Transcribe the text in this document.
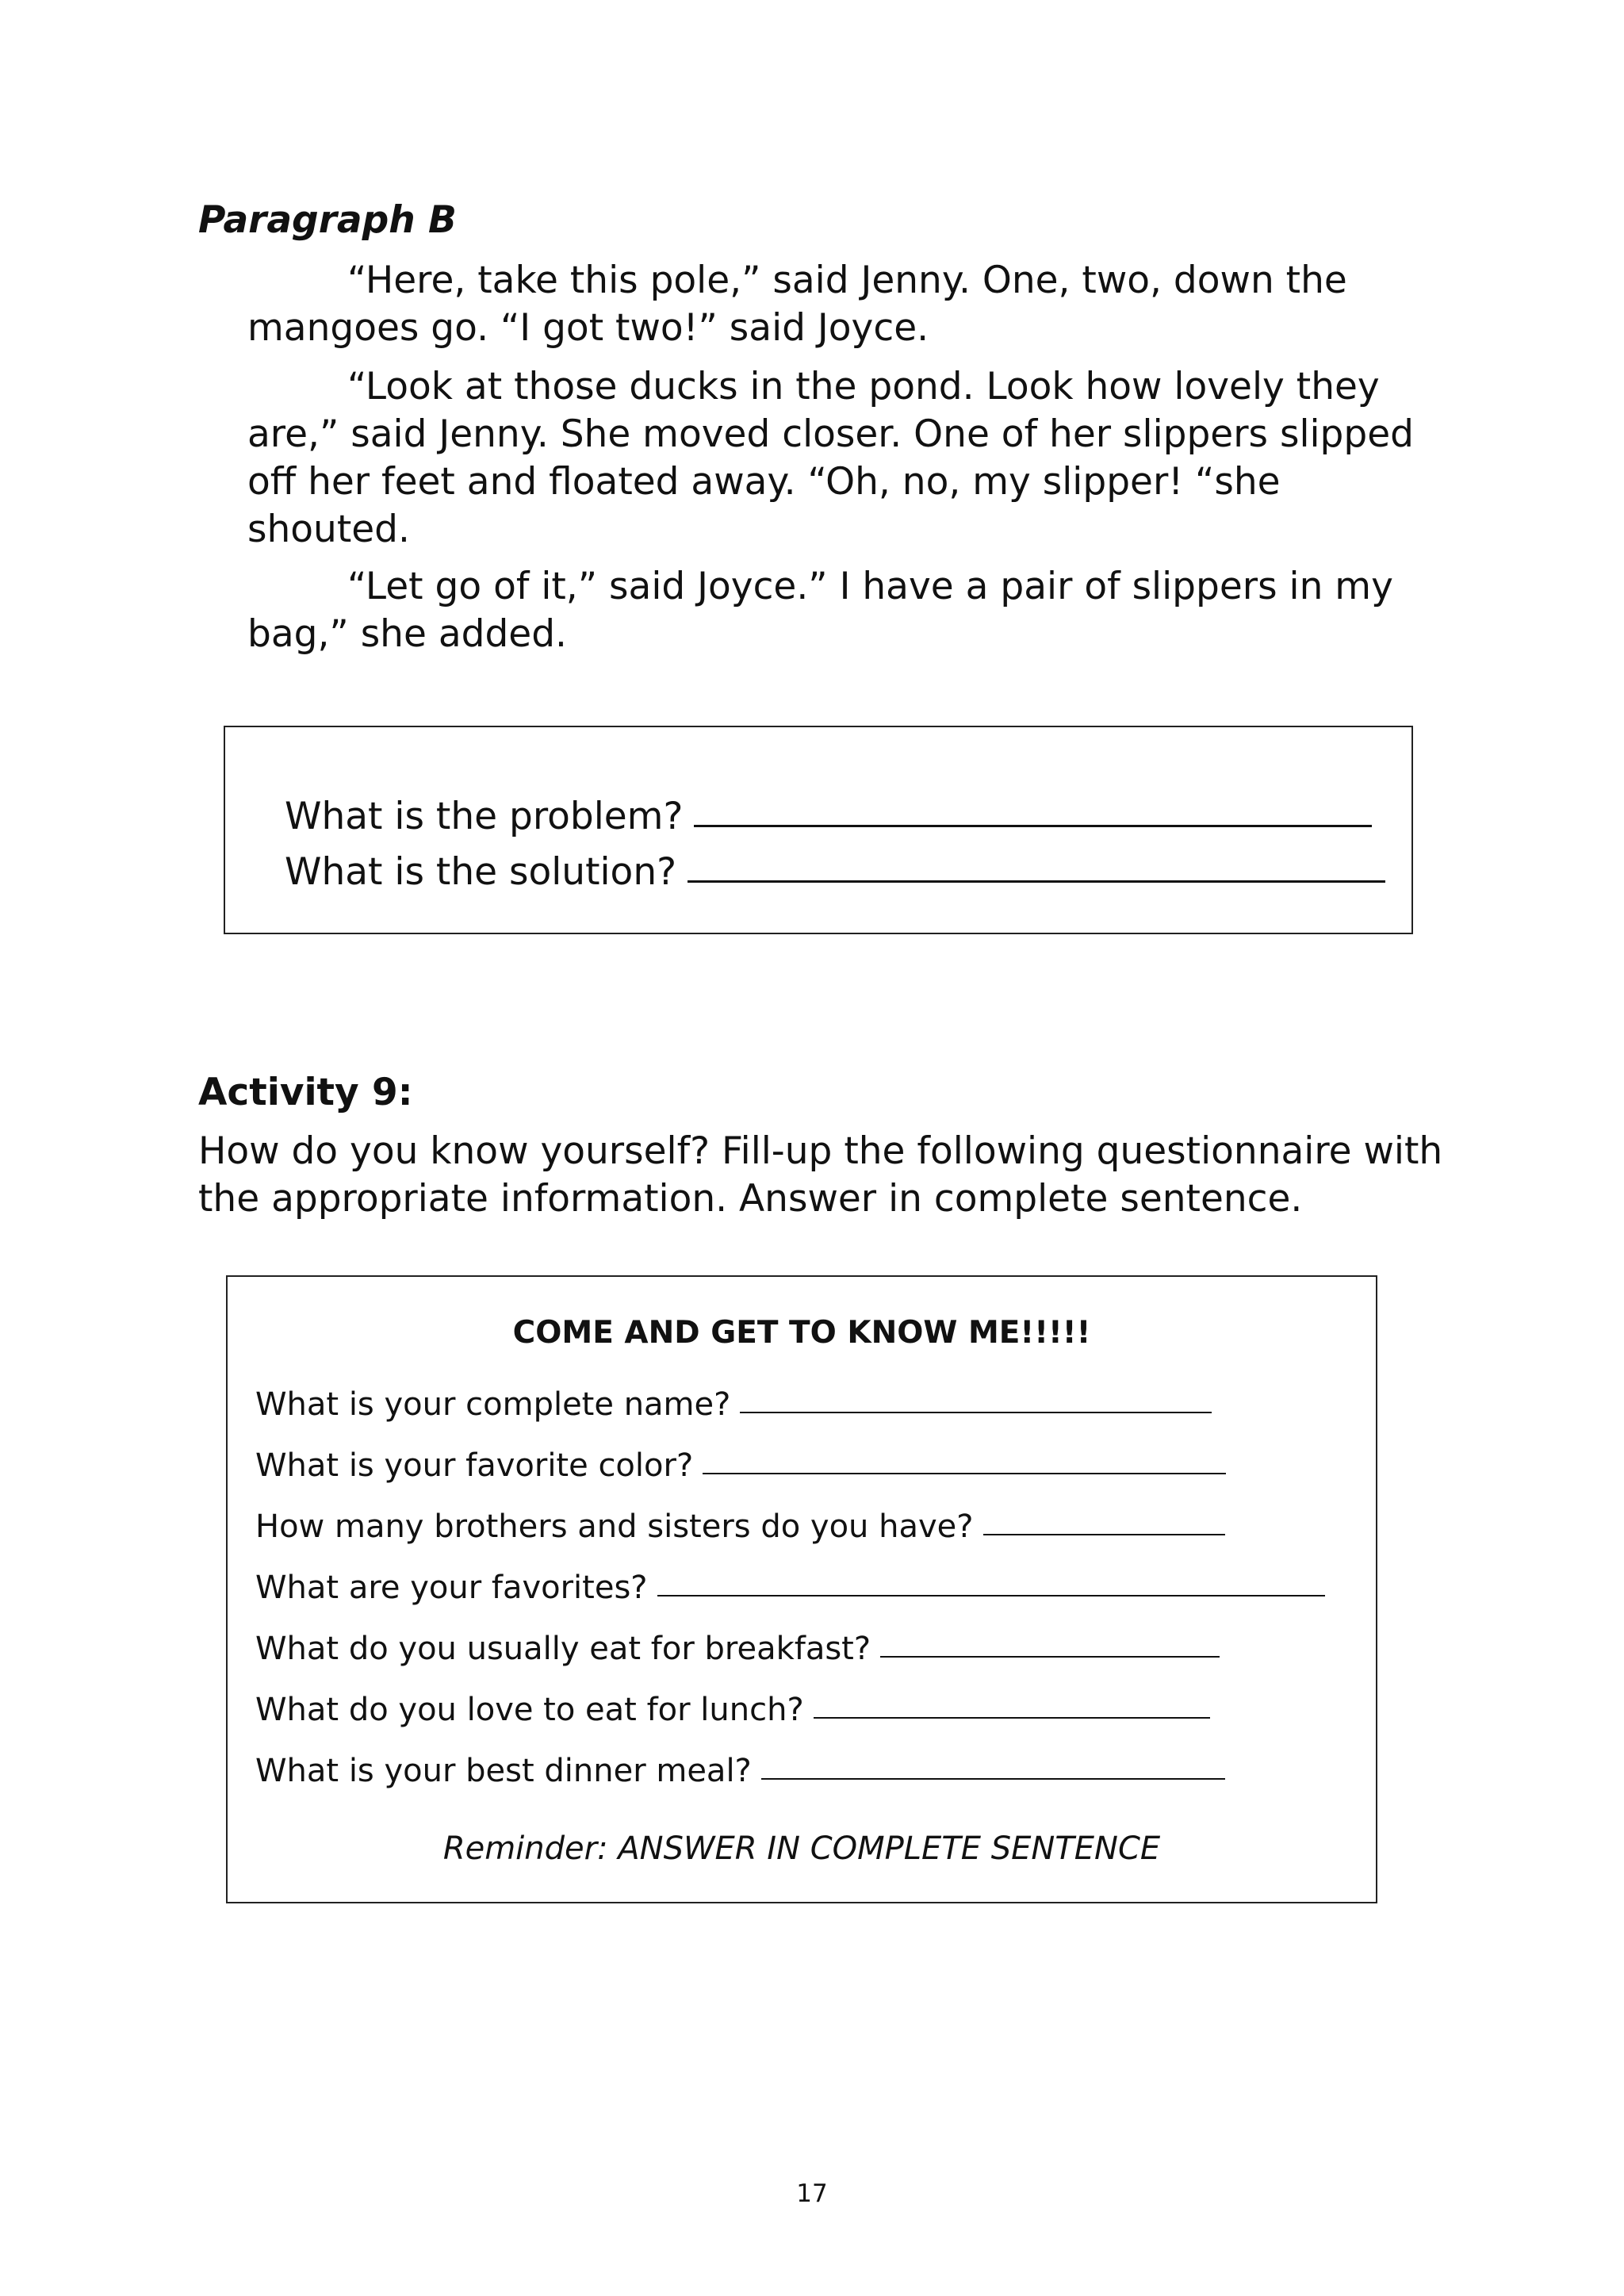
Paragraph B
“Here, take this pole,” said Jenny. One, two, down the mangoes go. “I got two!” said Joyce.
“Look at those ducks in the pond. Look how lovely they are,” said Jenny. She moved closer. One of her slippers slipped off her feet and floated away. “Oh, no, my slipper! “she shouted.
“Let go of it,” said Joyce.” I have a pair of slippers in my bag,” she added.
What is the problem?
What is the solution?
Activity 9:
How do you know yourself? Fill-up the following questionnaire with the appropriate information. Answer in complete sentence.
COME AND GET TO KNOW ME!!!!!
What is your complete name?
What is your favorite color?
How many brothers and sisters do you have?
What are your favorites?
What do you usually eat for breakfast?
What do you love to eat for lunch?
What is your best dinner meal?
Reminder: ANSWER IN COMPLETE SENTENCE
17
